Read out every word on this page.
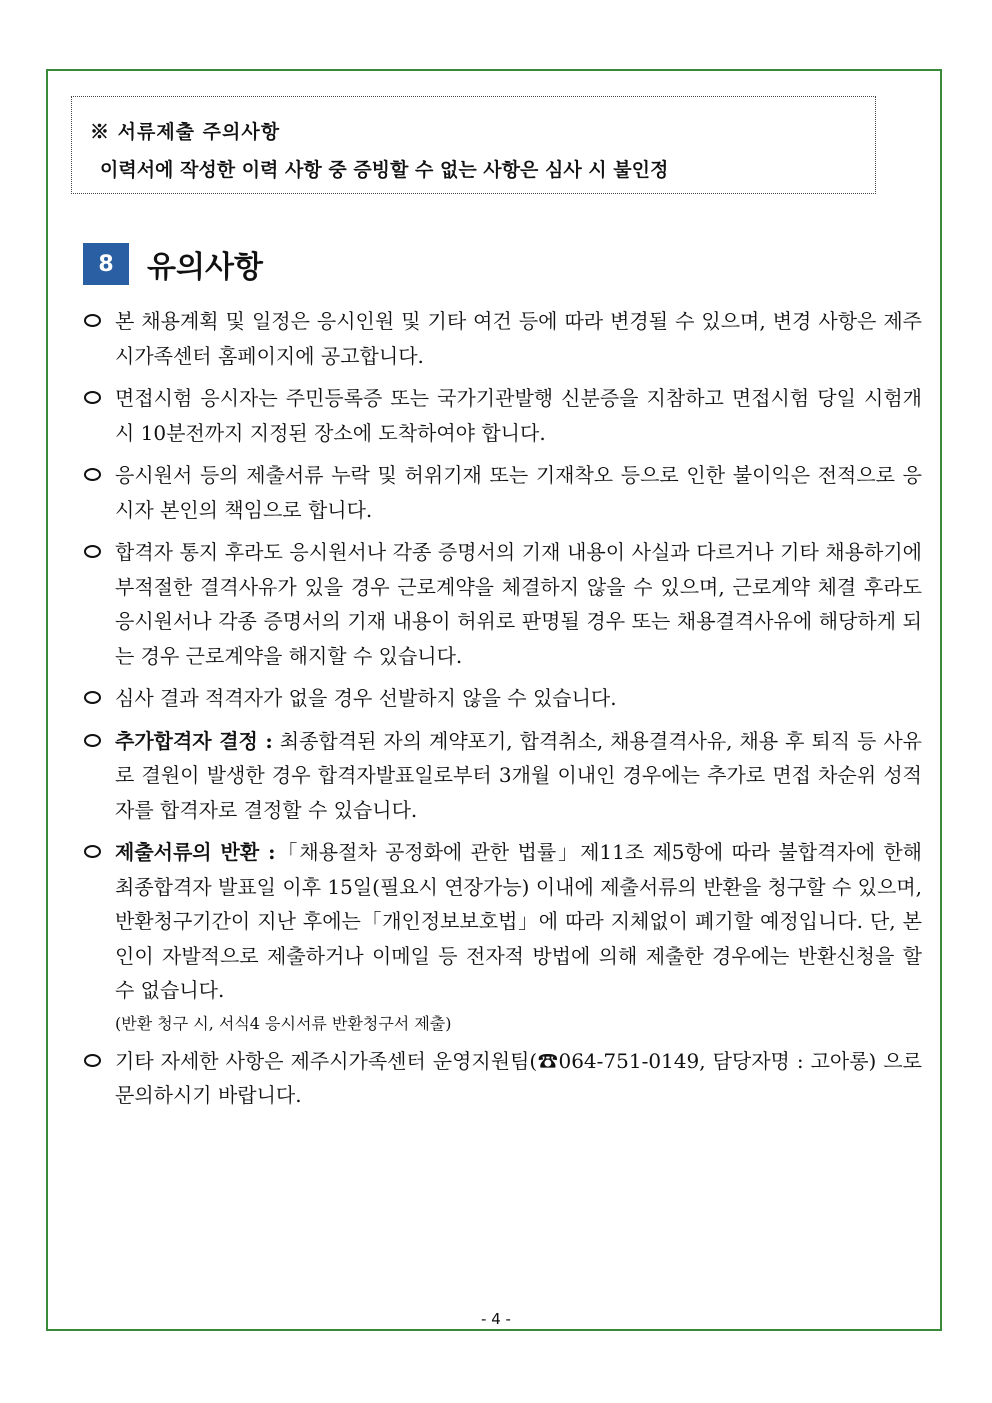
※ 서류제출 주의사항
이력서에 작성한 이력 사항 중 증빙할 수 없는 사항은 심사 시 불인정
8	유의사항
본 채용계획 및 일정은 응시인원 및 기타 여건 등에 따라 변경될 수 있으며, 변경 사항은 제주시가족센터 홈페이지에 공고합니다.
면접시험 응시자는 주민등록증 또는 국가기관발행 신분증을 지참하고 면접시험 당일 시험개시 10분전까지 지정된 장소에 도착하여야 합니다.
응시원서 등의 제출서류 누락 및 허위기재 또는 기재착오 등으로 인한 불이익은 전적으로 응시자 본인의 책임으로 합니다.
합격자 통지 후라도 응시원서나 각종 증명서의 기재 내용이 사실과 다르거나 기타 채용하기에 부적절한 결격사유가 있을 경우 근로계약을 체결하지 않을 수 있으며, 근로계약 체결 후라도 응시원서나 각종 증명서의 기재 내용이 허위로 판명될 경우 또는 채용결격사유에 해당하게 되는 경우 근로계약을 해지할 수 있습니다.
심사 결과 적격자가 없을 경우 선발하지 않을 수 있습니다.
추가합격자 결정 : 최종합격된 자의 계약포기, 합격취소, 채용결격사유, 채용 후 퇴직 등 사유로 결원이 발생한 경우 합격자발표일로부터 3개월 이내인 경우에는 추가로 면접 차순위 성적자를 합격자로 결정할 수 있습니다.
제출서류의 반환 :「채용절차 공정화에 관한 법률」제11조 제5항에 따라 불합격자에 한해 최종합격자 발표일 이후 15일(필요시 연장가능) 이내에 제출서류의 반환을 청구할 수 있으며, 반환청구기간이 지난 후에는「개인정보보호법」에 따라 지체없이 폐기할 예정입니다. 단, 본인이 자발적으로 제출하거나 이메일 등 전자적 방법에 의해 제출한 경우에는 반환신청을 할 수 없습니다.
(반환 청구 시, 서식4 응시서류 반환청구서 제출)
기타 자세한 사항은 제주시가족센터 운영지원팀(☎064-751-0149, 담당자명 : 고아롱) 으로 문의하시기 바랍니다.
- 4 -
